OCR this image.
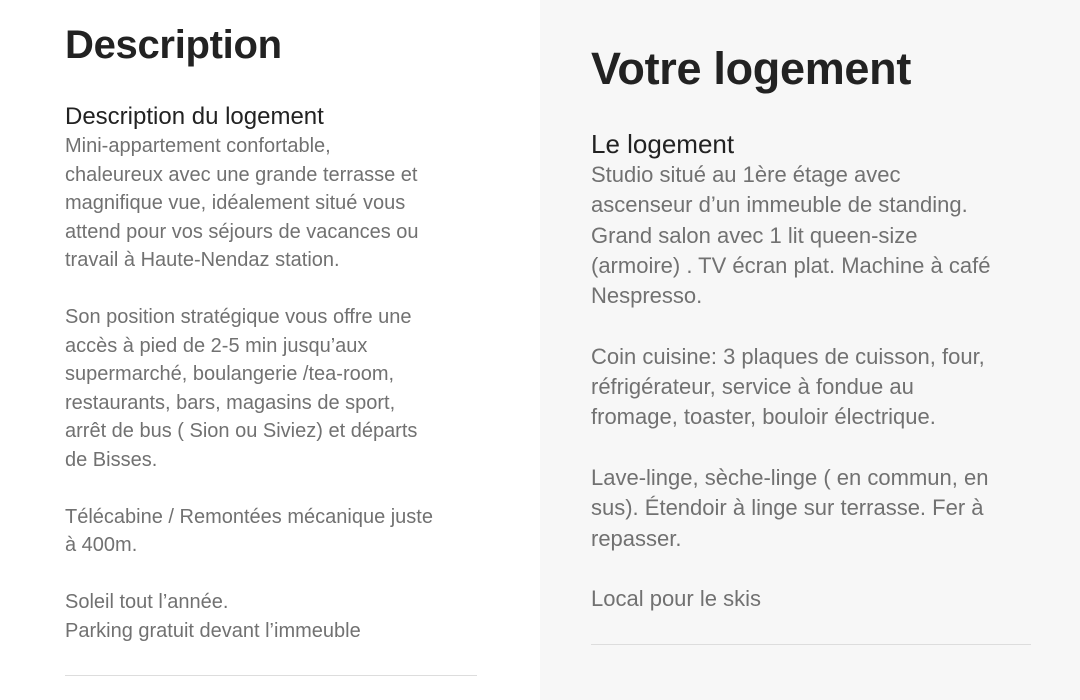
Description
Description du logement

Mini-appartement confortable,
chaleureux avec une grande terrasse et
magnifique vue, idéalement situé vous
attend pour vos séjours de vacances ou
travail à Haute-Nendaz station.

Son position stratégique vous offre une
accès à pied de 2-5 min jusqu’aux
supermarché, boulangerie /tea-room,
restaurants, bars, magasins de sport,
arrêt de bus ( Sion ou Siviez) et départs
de Bisses.

Télécabine / Remontées mécanique juste
à 400m.

Soleil tout l’année.
Parking gratuit devant l’immeuble

Votre logement
Le logement

Studio situé au 1ère étage avec
ascenseur d’un immeuble de standing.
Grand salon avec 1 lit queen-size
(armoire) . TV écran plat. Machine à café
Nespresso.

Coin cuisine: 3 plaques de cuisson, four,
réfrigérateur, service à fondue au
fromage, toaster, bouloir électrique.

Lave-linge, sèche-linge ( en commun, en
sus). Étendoir à linge sur terrasse. Fer à
repasser.

Local pour le skis
